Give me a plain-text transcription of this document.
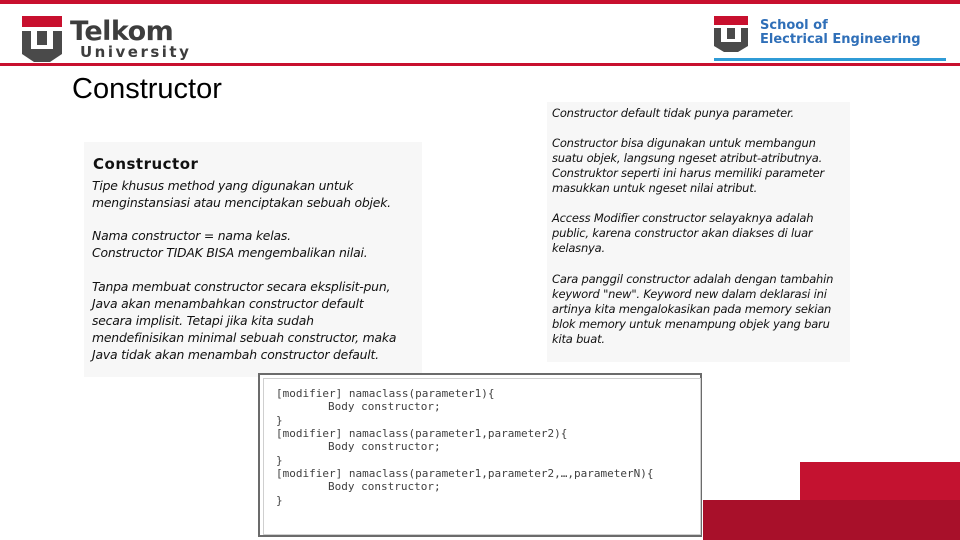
Telkom
University
School of
Electrical Engineering
Constructor
Constructor
Tipe khusus method yang digunakan untuk
menginstansiasi atau menciptakan sebuah objek.
Nama constructor = nama kelas.
Constructor TIDAK BISA mengembalikan nilai.
Tanpa membuat constructor secara eksplisit-pun,
Java akan menambahkan constructor default
secara implisit. Tetapi jika kita sudah
mendefinisikan minimal sebuah constructor, maka
Java tidak akan menambah constructor default.
Constructor default tidak punya parameter.
Constructor bisa digunakan untuk membangun
suatu objek, langsung ngeset atribut-atributnya.
Construktor seperti ini harus memiliki parameter
masukkan untuk ngeset nilai atribut.
Access Modifier constructor selayaknya adalah
public, karena constructor akan diakses di luar
kelasnya.
Cara panggil constructor adalah dengan tambahin
keyword "new". Keyword new dalam deklarasi ini
artinya kita mengalokasikan pada memory sekian
blok memory untuk menampung objek yang baru
kita buat.
[modifier] namaclass(parameter1){
Body constructor;
}
[modifier] namaclass(parameter1,parameter2){
Body constructor;
}
[modifier] namaclass(parameter1,parameter2,…,parameterN){
Body constructor;
}
